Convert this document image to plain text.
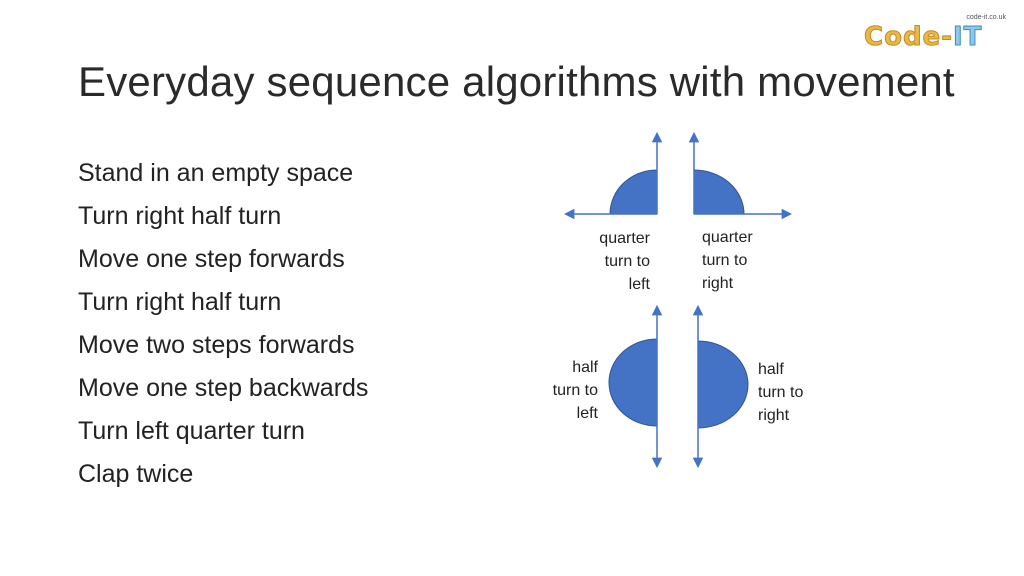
Everyday sequence algorithms with movement
code-it.co.uk
Code-IT
Stand in an empty space
Turn right half turn
Move one step forwards
Turn right half turn
Move two steps forwards
Move one step backwards
Turn left quarter turn
Clap twice
quarter
turn to
left
quarter
turn to
right
half
turn to
left
half
turn to
right
